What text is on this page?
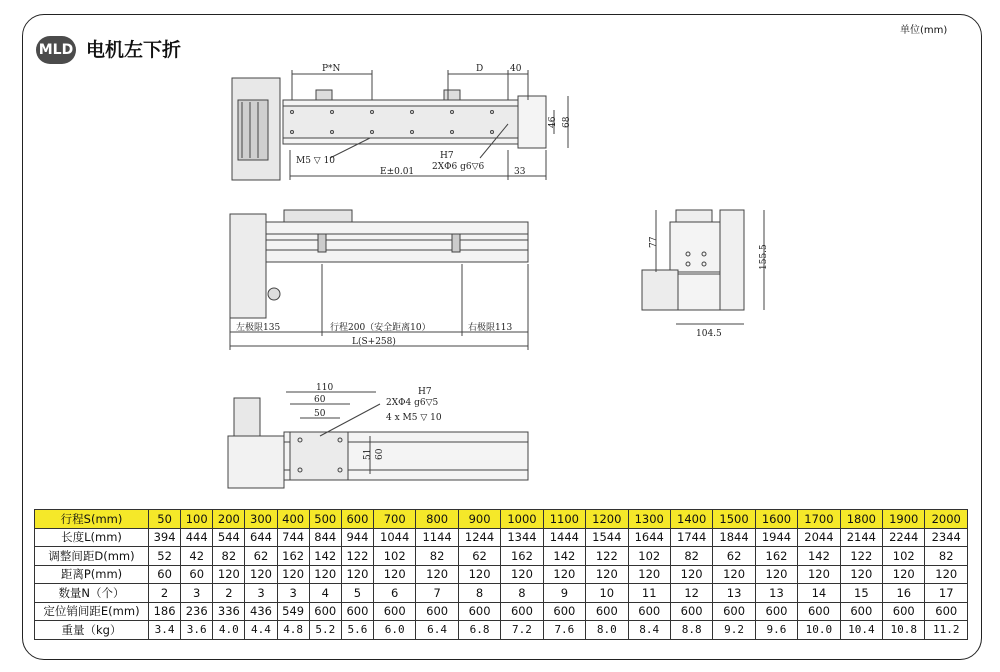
MLD 电机左下折
单位(mm)
P*N	D	40
46 68
M5 ▽ 10	H7
2XΦ6 g6▽6
E±0.01	33
左极限135	行程200（安全距离10）	右极限113
L(S+258)
77
155.5
104.5
110
60
50
H7
2XΦ4 g6▽5
4 x M5 ▽ 10
51 60
行程S(mm)	50	100	200	300	400	500	600	700	800	900	1000	1100	1200	1300	1400	1500	1600	1700	1800	1900	2000
长度L(mm)	394	444	544	644	744	844	944	1044	1144	1244	1344	1444	1544	1644	1744	1844	1944	2044	2144	2244	2344
调整间距D(mm)	52	42	82	62	162	142	122	102	82	62	162	142	122	102	82	62	162	142	122	102	82
距离P(mm)	60	60	120	120	120	120	120	120	120	120	120	120	120	120	120	120	120	120	120	120	120
数量N（个）	2	3	2	3	3	4	5	6	7	8	8	9	10	11	12	13	13	14	15	16	17
定位销间距E(mm)	186	236	336	436	549	600	600	600	600	600	600	600	600	600	600	600	600	600	600	600	600
重量（kg）	3.4	3.6	4.0	4.4	4.8	5.2	5.6	6.0	6.4	6.8	7.2	7.6	8.0	8.4	8.8	9.2	9.6	10.0	10.4	10.8	11.2
